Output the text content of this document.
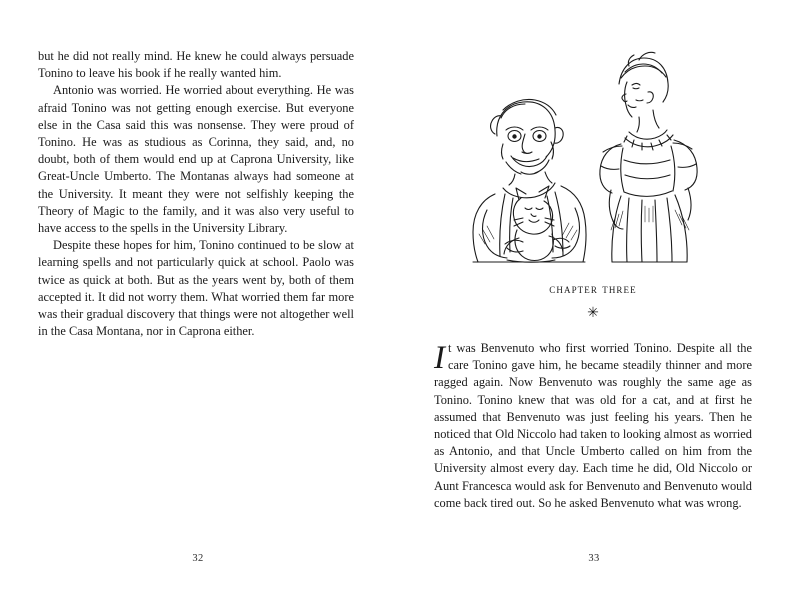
but he did not really mind. He knew he could always persuade Tonino to leave his book if he really wanted him.

Antonio was worried. He worried about everything. He was afraid Tonino was not getting enough exercise. But everyone else in the Casa said this was nonsense. They were proud of Tonino. He was as studious as Corinna, they said, and, no doubt, both of them would end up at Caprona University, like Great-Uncle Umberto. The Montanas always had someone at the University. It meant they were not selfishly keeping the Theory of Magic to the family, and it was also very useful to have access to the spells in the University Library.

Despite these hopes for him, Tonino continued to be slow at learning spells and not particularly quick at school. Paolo was twice as quick at both. But as the years went by, both of them accepted it. It did not worry them. What worried them far more was their gradual discovery that things were not altogether well in the Casa Montana, nor in Caprona either.

32
chapter three
✳

It was Benvenuto who first worried Tonino. Despite all the care Tonino gave him, he became steadily thinner and more ragged again. Now Benvenuto was roughly the same age as Tonino. Tonino knew that was old for a cat, and at first he assumed that Benvenuto was just feeling his years. Then he noticed that Old Niccolo had taken to looking almost as worried as Antonio, and that Uncle Umberto called on him from the University almost every day. Each time he did, Old Niccolo or Aunt Francesca would ask for Benvenuto and Benvenuto would come back tired out. So he asked Benvenuto what was wrong.

33
